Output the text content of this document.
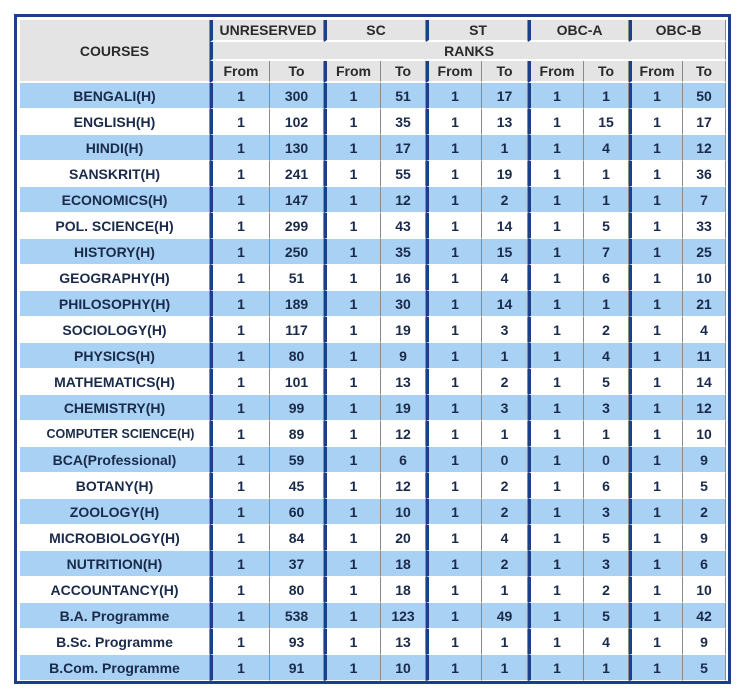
COURSES	UNRESERVED		SC		ST		OBC-A		OBC-B	
	RANKS									
	From	To	From	To	From	To	From	To	From	To
BENGALI(H)	1	300	1	51	1	17	1	1	1	50
ENGLISH(H)	1	102	1	35	1	13	1	15	1	17
HINDI(H)	1	130	1	17	1	1	1	4	1	12
SANSKRIT(H)	1	241	1	55	1	19	1	1	1	36
ECONOMICS(H)	1	147	1	12	1	2	1	1	1	7
POL. SCIENCE(H)	1	299	1	43	1	14	1	5	1	33
HISTORY(H)	1	250	1	35	1	15	1	7	1	25
GEOGRAPHY(H)	1	51	1	16	1	4	1	6	1	10
PHILOSOPHY(H)	1	189	1	30	1	14	1	1	1	21
SOCIOLOGY(H)	1	117	1	19	1	3	1	2	1	4
PHYSICS(H)	1	80	1	9	1	1	1	4	1	11
MATHEMATICS(H)	1	101	1	13	1	2	1	5	1	14
CHEMISTRY(H)	1	99	1	19	1	3	1	3	1	12
COMPUTER SCIENCE(H)	1	89	1	12	1	1	1	1	1	10
BCA(Professional)	1	59	1	6	1	0	1	0	1	9
BOTANY(H)	1	45	1	12	1	2	1	6	1	5
ZOOLOGY(H)	1	60	1	10	1	2	1	3	1	2
MICROBIOLOGY(H)	1	84	1	20	1	4	1	5	1	9
NUTRITION(H)	1	37	1	18	1	2	1	3	1	6
ACCOUNTANCY(H)	1	80	1	18	1	1	1	2	1	10
B.A. Programme	1	538	1	123	1	49	1	5	1	42
B.Sc. Programme	1	93	1	13	1	1	1	4	1	9
B.Com. Programme	1	91	1	10	1	1	1	1	1	5
